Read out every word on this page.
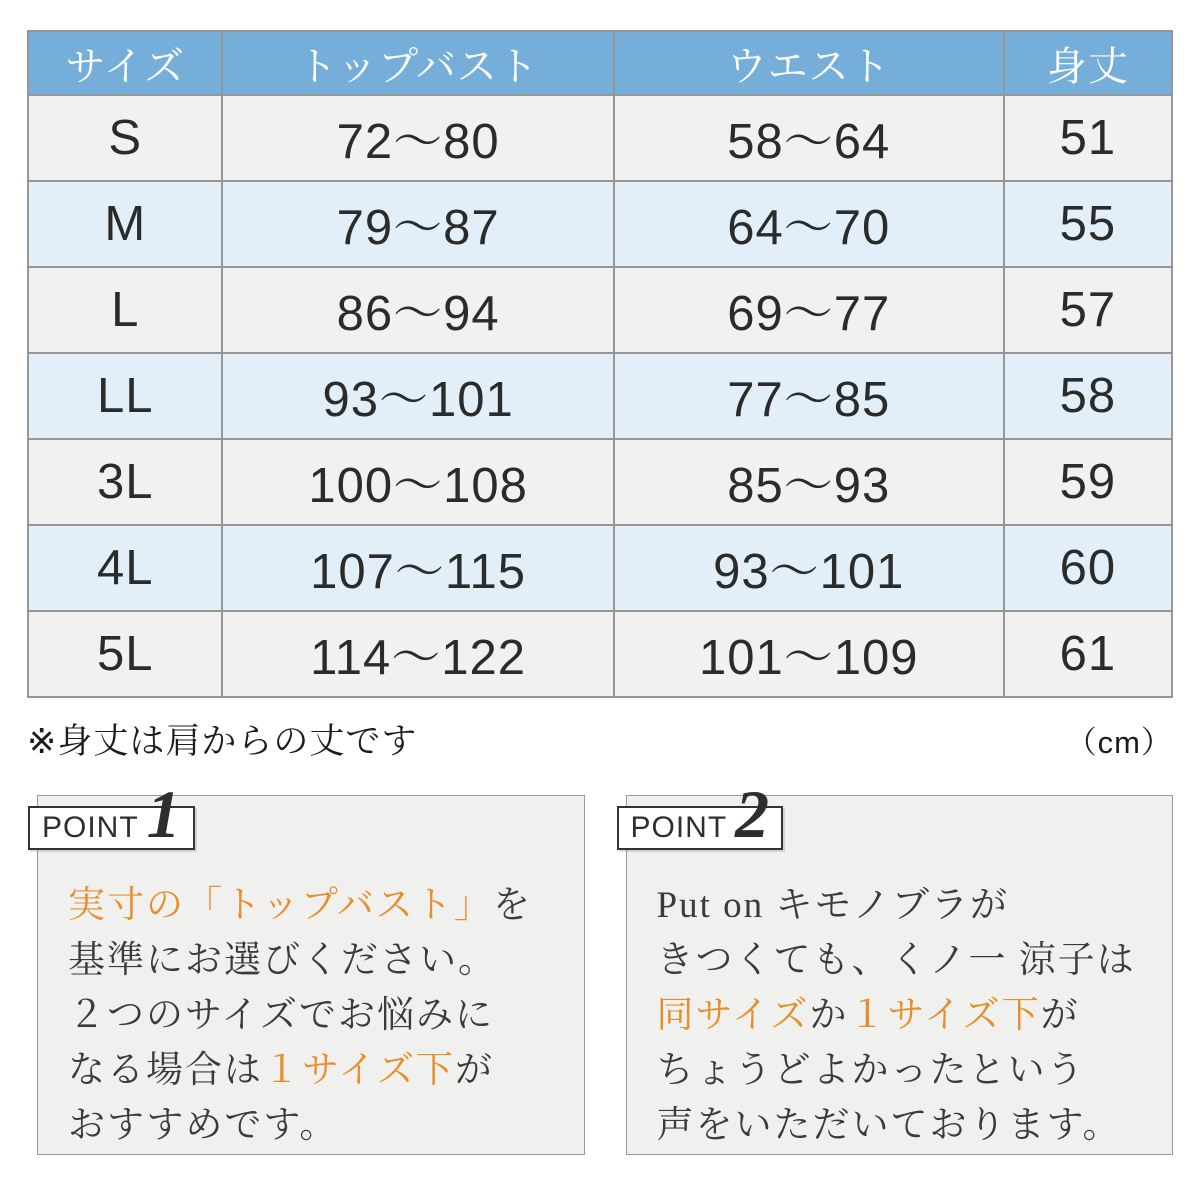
サイズ	トップバスト	ウエスト	身丈
S	72〜80	58〜64	51
M	79〜87	64〜70	55
L	86〜94	69〜77	57
LL	93〜101	77〜85	58
3L	100〜108	85〜93	59
4L	107〜115	93〜101	60
5L	114〜122	101〜109	61
※身丈は肩からの丈です	（cm）
POINT 1
実寸の「トップバスト」を
基準にお選びください。
２つのサイズでお悩みに
なる場合は１サイズ下が
おすすめです。
POINT 2
Put on キモノブラが
きつくても、くノ一 涼子は
同サイズか１サイズ下が
ちょうどよかったという
声をいただいております。
